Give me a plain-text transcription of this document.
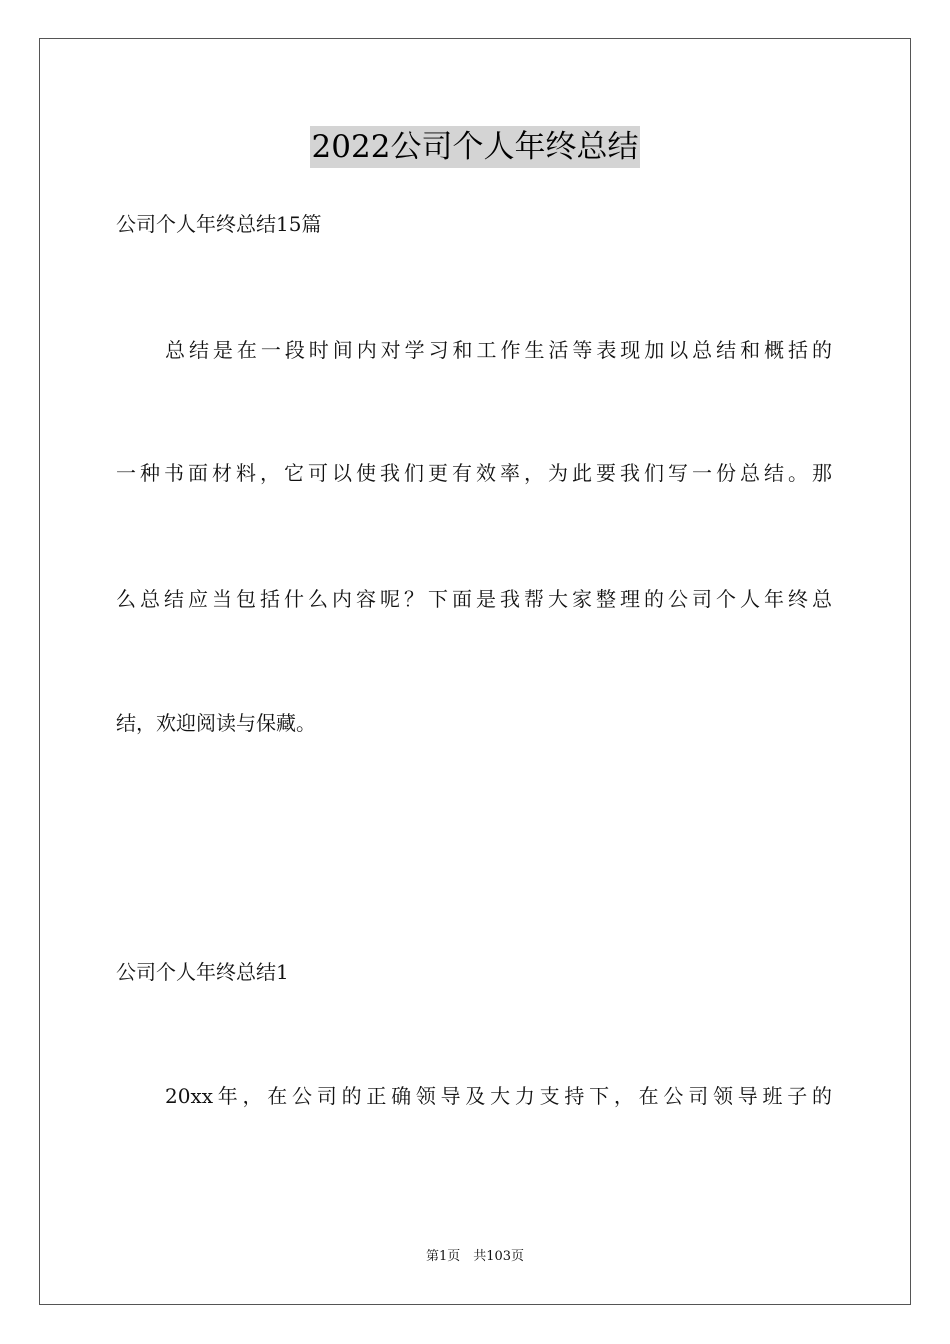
2022公司个人年终总结
公司个人年终总结15篇
总结是在一段时间内对学习和工作生活等表现加以总结和概括的
一种书面材料，它可以使我们更有效率，为此要我们写一份总结。那
么总结应当包括什么内容呢？下面是我帮大家整理的公司个人年终总
结，欢迎阅读与保藏。
公司个人年终总结1
20xx年，在公司的正确领导及大力支持下，在公司领导班子的
第1页　共103页
